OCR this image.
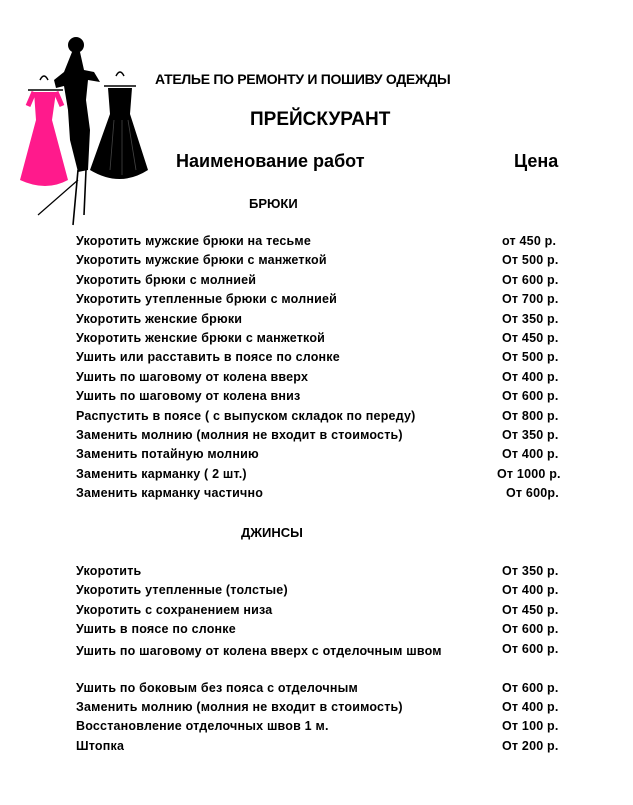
АТЕЛЬЕ ПО РЕМОНТУ И ПОШИВУ ОДЕЖДЫ
ПРЕЙСКУРАНТ
Наименование работ	Цена
БРЮКИ
Укоротить мужские брюки на тесьме	от 450 р.
Укоротить мужские брюки с манжеткой	От 500 р.
Укоротить брюки с молнией	От 600 р.
Укоротить утепленные брюки с молнией	От 700 р.
Укоротить женские брюки	От 350 р.
Укоротить женские брюки с манжеткой	От 450 р.
Ушить или расставить в поясе по слонке	От 500 р.
Ушить по шаговому от колена вверх	От 400 р.
Ушить по шаговому от колена вниз	От 600 р.
Распустить в поясе ( с выпуском складок по переду)	От 800 р.
Заменить молнию (молния не входит в стоимость)	От 350 р.
Заменить потайную молнию	От 400 р.
Заменить карманку ( 2 шт.)	От 1000 р.
Заменить карманку частично	От 600р.
ДЖИНСЫ
Укоротить	От 350 р.
Укоротить утепленные (толстые)	От 400 р.
Укоротить с сохранением низа	От 450 р.
Ушить в поясе по слонке	От 600 р.
Ушить по шаговому от колена вверх с отделочным швом	От 600 р.
Ушить по боковым без пояса с отделочным	От 600 р.
Заменить молнию (молния не входит в стоимость)	От 400 р.
Восстановление отделочных швов 1 м.	От 100 р.
Штопка	От 200 р.
